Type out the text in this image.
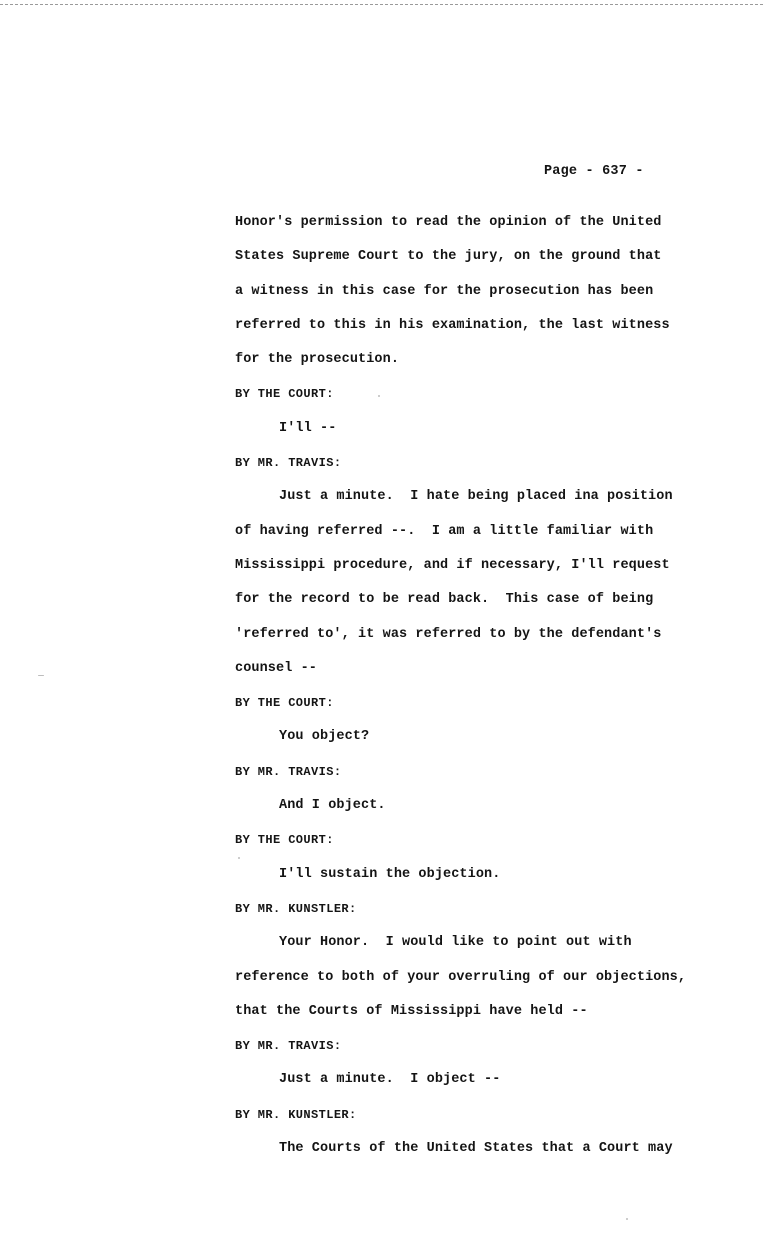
Page - 637 -
Honor's permission to read the opinion of the United
States Supreme Court to the jury, on the ground that
a witness in this case for the prosecution has been
referred to this in his examination, the last witness
for the prosecution.
BY THE COURT:
I'll --
BY MR. TRAVIS:
Just a minute.  I hate being placed ina position
of having referred --.  I am a little familiar with
Mississippi procedure, and if necessary, I'll request
for the record to be read back.  This case of being
'referred to', it was referred to by the defendant's
counsel --
BY THE COURT:
You object?
BY MR. TRAVIS:
And I object.
BY THE COURT:
I'll sustain the objection.
BY MR. KUNSTLER:
Your Honor.  I would like to point out with
reference to both of your overruling of our objections,
that the Courts of Mississippi have held --
BY MR. TRAVIS:
Just a minute.  I object --
BY MR. KUNSTLER:
The Courts of the United States that a Court may
